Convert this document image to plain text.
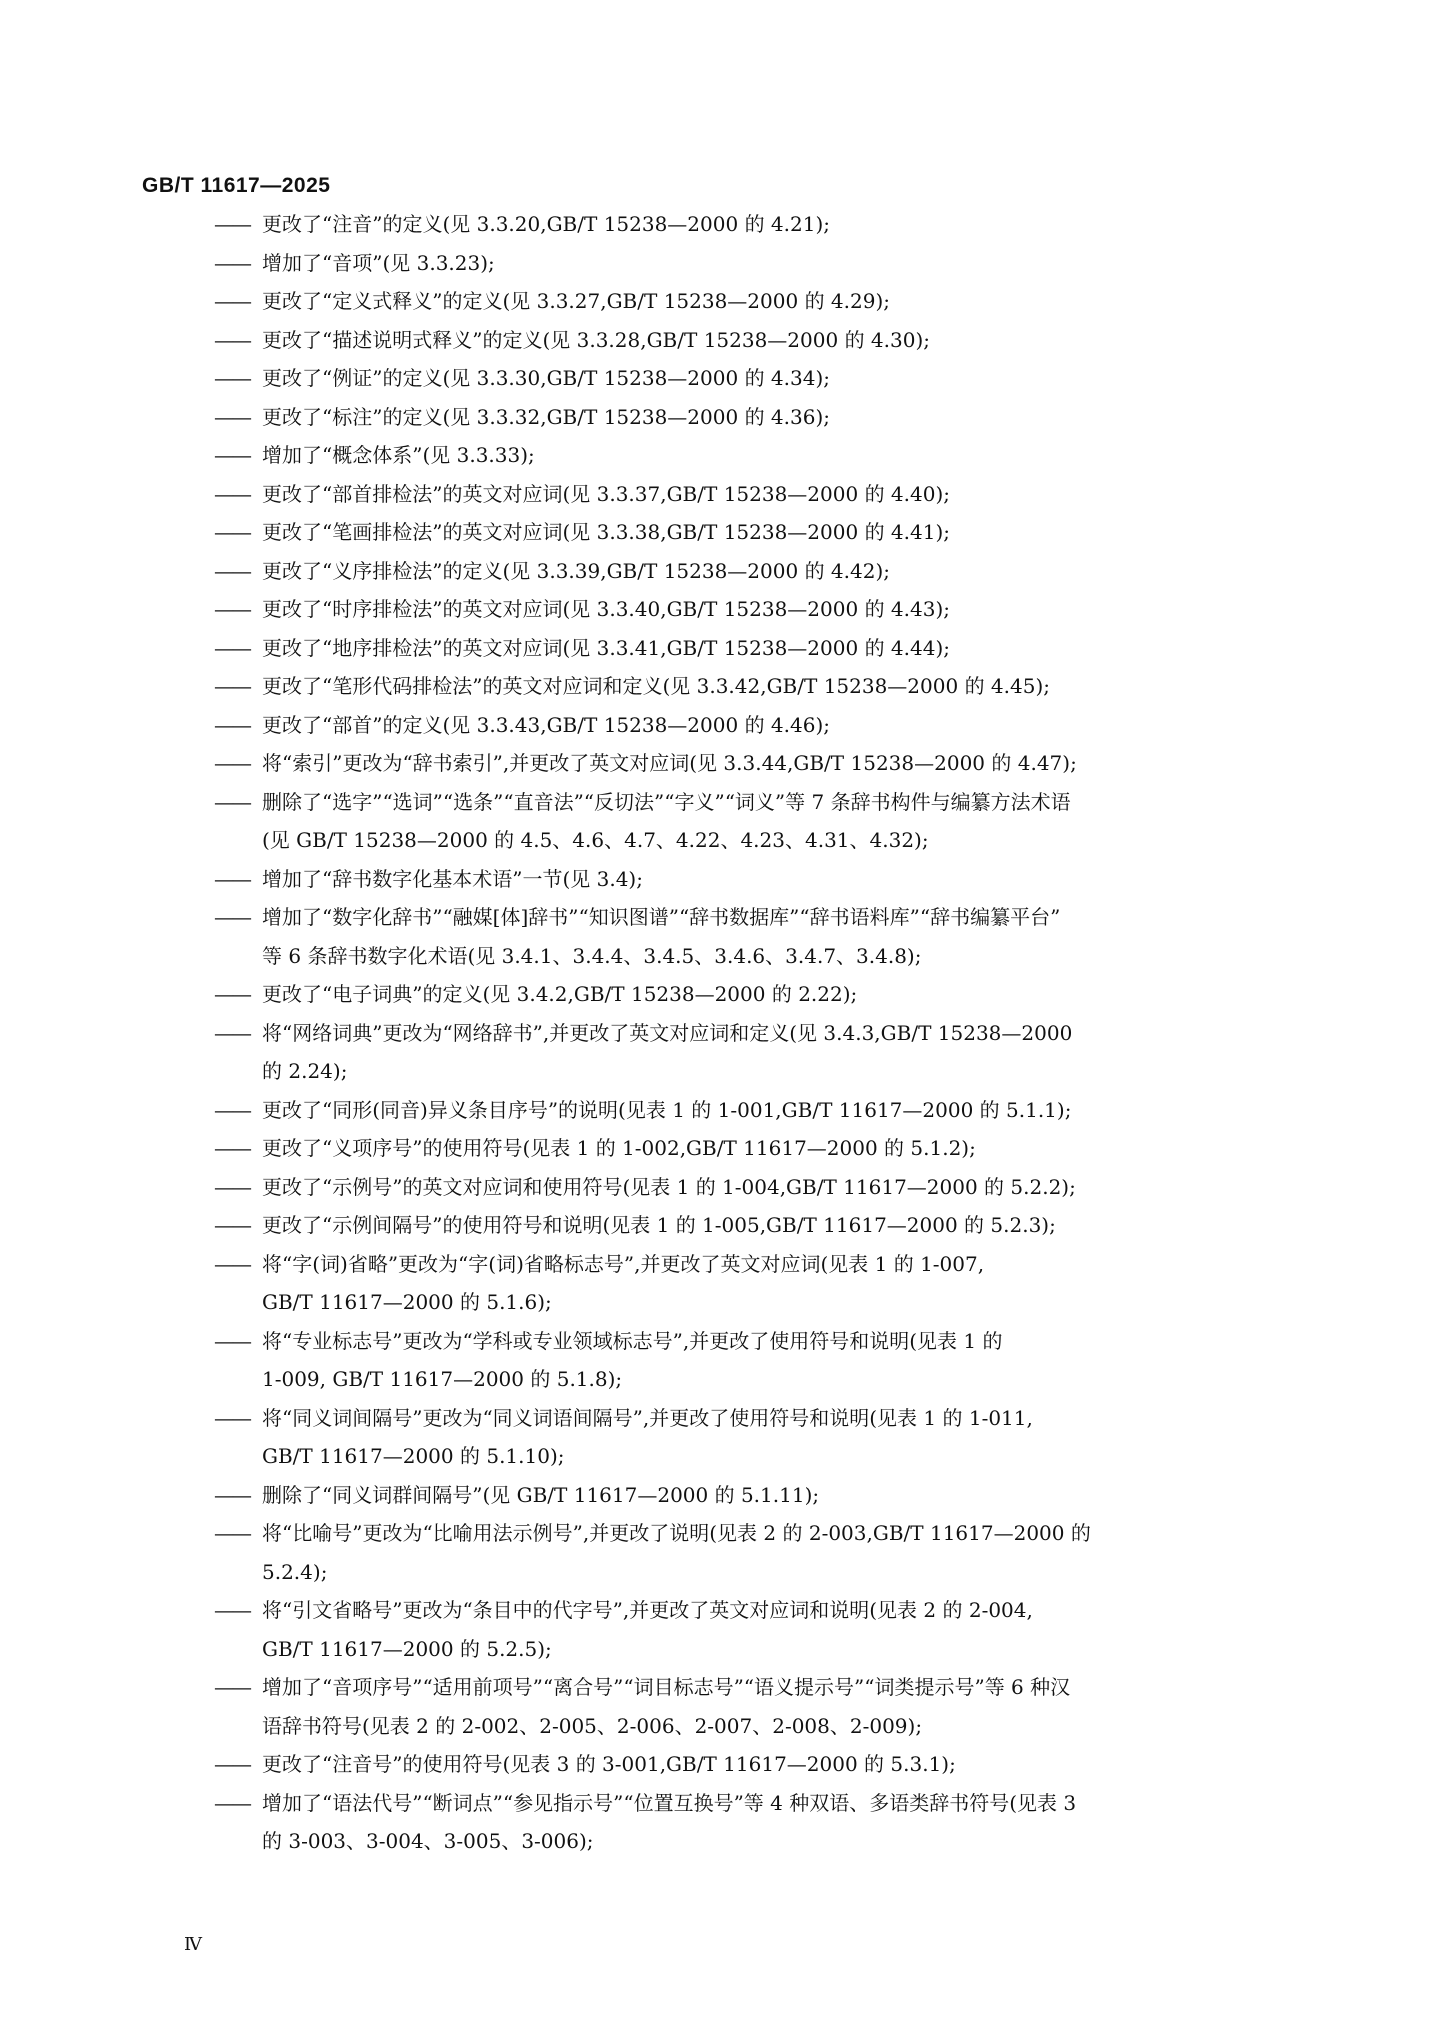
GB/T 11617—2025
—— 更改了“注音”的定义(见 3.3.20,GB/T 15238—2000 的 4.21);
—— 增加了“音项”(见 3.3.23);
—— 更改了“定义式释义”的定义(见 3.3.27,GB/T 15238—2000 的 4.29);
—— 更改了“描述说明式释义”的定义(见 3.3.28,GB/T 15238—2000 的 4.30);
—— 更改了“例证”的定义(见 3.3.30,GB/T 15238—2000 的 4.34);
—— 更改了“标注”的定义(见 3.3.32,GB/T 15238—2000 的 4.36);
—— 增加了“概念体系”(见 3.3.33);
—— 更改了“部首排检法”的英文对应词(见 3.3.37,GB/T 15238—2000 的 4.40);
—— 更改了“笔画排检法”的英文对应词(见 3.3.38,GB/T 15238—2000 的 4.41);
—— 更改了“义序排检法”的定义(见 3.3.39,GB/T 15238—2000 的 4.42);
—— 更改了“时序排检法”的英文对应词(见 3.3.40,GB/T 15238—2000 的 4.43);
—— 更改了“地序排检法”的英文对应词(见 3.3.41,GB/T 15238—2000 的 4.44);
—— 更改了“笔形代码排检法”的英文对应词和定义(见 3.3.42,GB/T 15238—2000 的 4.45);
—— 更改了“部首”的定义(见 3.3.43,GB/T 15238—2000 的 4.46);
—— 将“索引”更改为“辞书索引”,并更改了英文对应词(见 3.3.44,GB/T 15238—2000 的 4.47);
—— 删除了“选字”“选词”“选条”“直音法”“反切法”“字义”“词义”等 7 条辞书构件与编纂方法术语
(见 GB/T 15238—2000 的 4.5、4.6、4.7、4.22、4.23、4.31、4.32);
—— 增加了“辞书数字化基本术语”一节(见 3.4);
—— 增加了“数字化辞书”“融媒[体]辞书”“知识图谱”“辞书数据库”“辞书语料库”“辞书编纂平台”
等 6 条辞书数字化术语(见 3.4.1、3.4.4、3.4.5、3.4.6、3.4.7、3.4.8);
—— 更改了“电子词典”的定义(见 3.4.2,GB/T 15238—2000 的 2.22);
—— 将“网络词典”更改为“网络辞书”,并更改了英文对应词和定义(见 3.4.3,GB/T 15238—2000
的 2.24);
—— 更改了“同形(同音)异义条目序号”的说明(见表 1 的 1-001,GB/T 11617—2000 的 5.1.1);
—— 更改了“义项序号”的使用符号(见表 1 的 1-002,GB/T 11617—2000 的 5.1.2);
—— 更改了“示例号”的英文对应词和使用符号(见表 1 的 1-004,GB/T 11617—2000 的 5.2.2);
—— 更改了“示例间隔号”的使用符号和说明(见表 1 的 1-005,GB/T 11617—2000 的 5.2.3);
—— 将“字(词)省略”更改为“字(词)省略标志号”,并更改了英文对应词(见表 1 的 1-007,
GB/T 11617—2000 的 5.1.6);
—— 将“专业标志号”更改为“学科或专业领域标志号”,并更改了使用符号和说明(见表 1 的
1-009, GB/T 11617—2000 的 5.1.8);
—— 将“同义词间隔号”更改为“同义词语间隔号”,并更改了使用符号和说明(见表 1 的 1-011,
GB/T 11617—2000 的 5.1.10);
—— 删除了“同义词群间隔号”(见 GB/T 11617—2000 的 5.1.11);
—— 将“比喻号”更改为“比喻用法示例号”,并更改了说明(见表 2 的 2-003,GB/T 11617—2000 的
5.2.4);
—— 将“引文省略号”更改为“条目中的代字号”,并更改了英文对应词和说明(见表 2 的 2-004,
GB/T 11617—2000 的 5.2.5);
—— 增加了“音项序号”“适用前项号”“离合号”“词目标志号”“语义提示号”“词类提示号”等 6 种汉
语辞书符号(见表 2 的 2-002、2-005、2-006、2-007、2-008、2-009);
—— 更改了“注音号”的使用符号(见表 3 的 3-001,GB/T 11617—2000 的 5.3.1);
—— 增加了“语法代号”“断词点”“参见指示号”“位置互换号”等 4 种双语、多语类辞书符号(见表 3
的 3-003、3-004、3-005、3-006);
Ⅳ
